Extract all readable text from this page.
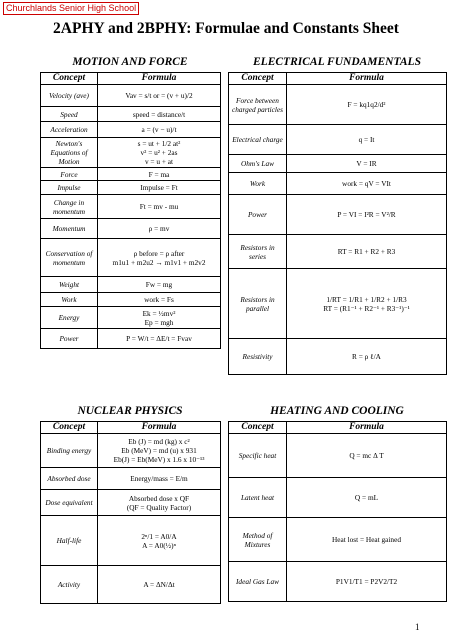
Churchlands Senior High School
2APHY and 2BPHY: Formulae and Constants Sheet
MOTION AND FORCE	ELECTRICAL FUNDAMENTALS
NUCLEAR PHYSICS	HEATING AND COOLING
Concept	Formula
Velocity (ave)	Vav = s/t or = (v + u)/2
Speed	speed = distance/t
Acceleration	a = (v − u)/t
Newton's Equations of Motion	s = ut + 1/2 at²
v² = u² + 2as
v = u + at
Force	F = ma
Impulse	Impulse = Ft
Change in momentum	Ft = mv - mu
Momentum	ρ = mv
Conservation of momentum	ρ before = ρ after
m1u1 + m2u2 → m1v1 + m2v2
Weight	Fw = mg
Work	work = Fs
Energy	Ek = ½mv²
Ep = mgh
Power	P = W/t = ΔE/t = Fvav
Concept	Formula
Force between charged particles	F = kq1q2/d²
Electrical charge	q = It
Ohm's Law	V = IR
Work	work = qV = VIt
Power	P = VI = I²R = V²/R
Resistors in series	RT = R1 + R2 + R3
Resistors in parallel	1/RT = 1/R1 + 1/R2 + 1/R3
RT = (R1⁻¹ + R2⁻¹ + R3⁻¹)⁻¹
Resistivity	R = ρ ℓ/A
Concept	Formula
Binding energy	Eb (J) = md (kg) x c²
Eb (MeV) = md (u) x 931
Eb(J) = Eb(MeV) x 1.6 x 10⁻¹³
Absorbed dose	Energy/mass = E/m
Dose equivalent	Absorbed dose x QF
(QF = Quality Factor)
Half-life	2ⁿ/1 = A0/A
A = A0(½)ⁿ
Activity	A = ΔN/Δt
Concept	Formula
Specific heat	Q = mc Δ T
Latent heat	Q = mL
Method of Mixtures	Heat lost = Heat gained
Ideal Gas Law	P1V1/T1 = P2V2/T2
1
